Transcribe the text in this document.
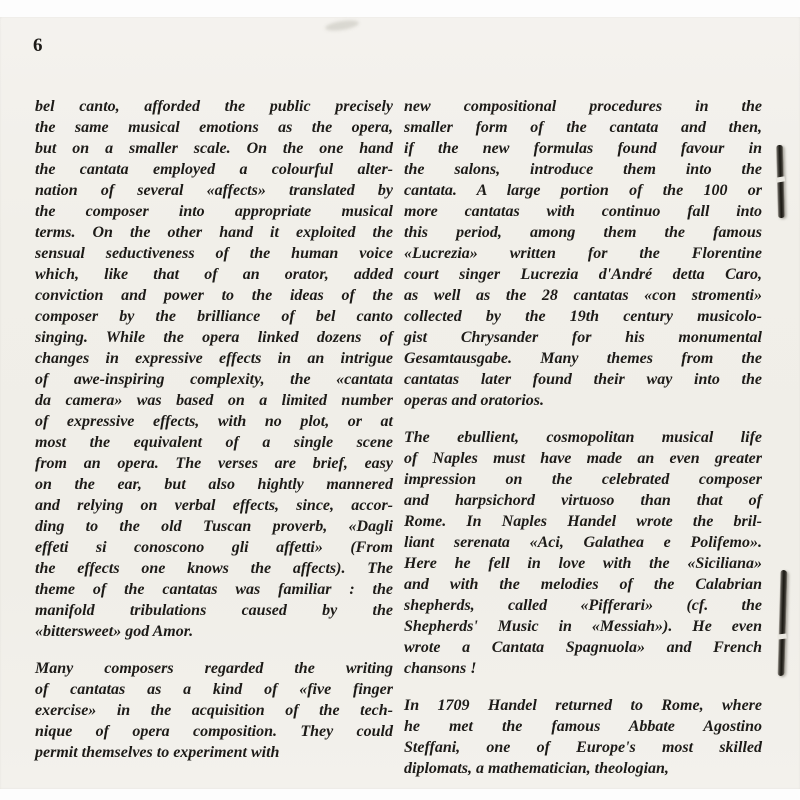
6
bel canto, afforded the public precisely
the same musical emotions as the opera,
but on a smaller scale. On the one hand
the cantata employed a colourful alter-
nation of several «affects» translated by
the composer into appropriate musical
terms. On the other hand it exploited the
sensual seductiveness of the human voice
which, like that of an orator, added
conviction and power to the ideas of the
composer by the brilliance of bel canto
singing. While the opera linked dozens of
changes in expressive effects in an intrigue
of awe-inspiring complexity, the «cantata
da camera» was based on a limited number
of expressive effects, with no plot, or at
most the equivalent of a single scene
from an opera. The verses are brief, easy
on the ear, but also hightly mannered
and relying on verbal effects, since, accor-
ding to the old Tuscan proverb, «Dagli
effeti si conoscono gli affetti» (From
the effects one knows the affects). The
theme of the cantatas was familiar : the
manifold tribulations caused by the
«bittersweet» god Amor.
Many composers regarded the writing
of cantatas as a kind of «five finger
exercise» in the acquisition of the tech-
nique of opera composition. They could
permit themselves to experiment with
new compositional procedures in the
smaller form of the cantata and then,
if the new formulas found favour in
the salons, introduce them into the
cantata. A large portion of the 100 or
more cantatas with continuo fall into
this period, among them the famous
«Lucrezia» written for the Florentine
court singer Lucrezia d'André detta Caro,
as well as the 28 cantatas «con stromenti»
collected by the 19th century musicolo-
gist Chrysander for his monumental
Gesamtausgabe. Many themes from the
cantatas later found their way into the
operas and oratorios.
The ebullient, cosmopolitan musical life
of Naples must have made an even greater
impression on the celebrated composer
and harpsichord virtuoso than that of
Rome. In Naples Handel wrote the bril-
liant serenata «Aci, Galathea e Polifemo».
Here he fell in love with the «Siciliana»
and with the melodies of the Calabrian
shepherds, called «Pifferari» (cf. the
Shepherds' Music in «Messiah»). He even
wrote a Cantata Spagnuola» and French
chansons !
In 1709 Handel returned to Rome, where
he met the famous Abbate Agostino
Steffani, one of Europe's most skilled
diplomats, a mathematician, theologian,
